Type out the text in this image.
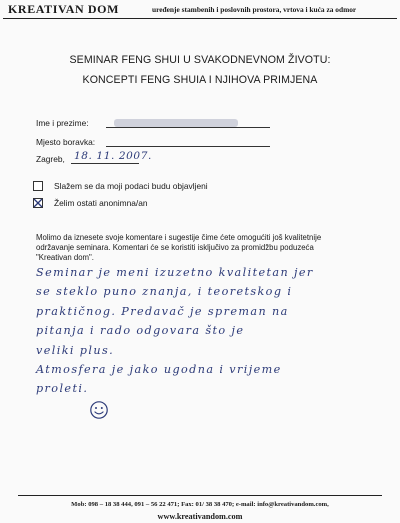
KREATIVAN DOM	uređenje stambenih i poslovnih prostora, vrtova i kuća za odmor
SEMINAR FENG SHUI U SVAKODNEVNOM ŽIVOTU:
KONCEPTI FENG SHUIA I NJIHOVA PRIMJENA
Ime i prezime:
Mjesto boravka:
Zagreb, 18. 11. 2007.
Slažem se da moji podaci budu objavljeni
Želim ostati anonimna/an
Molimo da iznesete svoje komentare i sugestije čime ćete omogućiti još kvalitetnije
održavanje seminara. Komentari će se koristiti isključivo za promidžbu poduzeća
"Kreativan dom".
Seminar je meni izuzetno kvalitetan jer
se steklo puno znanja, i teoretskog i
praktičnog. Predavač je spreman na
pitanja i rado odgovara što je
veliki plus.
Atmosfera je jako ugodna i vrijeme
proleti.
Mob: 098 – 18 38 444, 091 – 56 22 471; Fax: 01/ 38 38 470; e-mail: info@kreativandom.com,
www.kreativandom.com
